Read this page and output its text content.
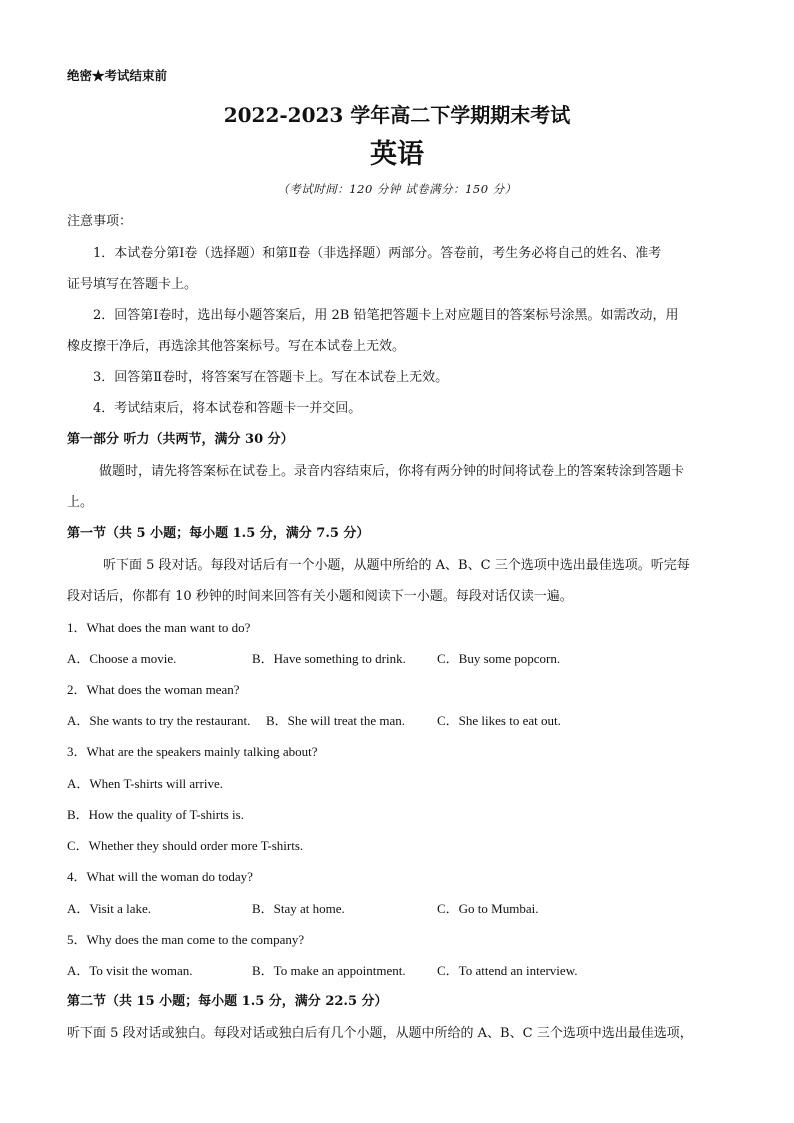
绝密★考试结束前
2022-2023 学年高二下学期期末考试
英语
（考试时间：120 分钟 试卷满分：150 分）
注意事项：
1．本试卷分第Ⅰ卷（选择题）和第Ⅱ卷（非选择题）两部分。答卷前，考生务必将自己的姓名、准考
证号填写在答题卡上。
2．回答第Ⅰ卷时，选出每小题答案后，用 2B 铅笔把答题卡上对应题目的答案标号涂黑。如需改动，用
橡皮擦干净后，再选涂其他答案标号。写在本试卷上无效。
3．回答第Ⅱ卷时，将答案写在答题卡上。写在本试卷上无效。
4．考试结束后，将本试卷和答题卡一并交回。
第一部分 听力（共两节，满分 30 分）
做题时，请先将答案标在试卷上。录音内容结束后，你将有两分钟的时间将试卷上的答案转涂到答题卡
上。
第一节（共 5 小题；每小题 1.5 分，满分 7.5 分）
听下面 5 段对话。每段对话后有一个小题，从题中所给的 A、B、C 三个选项中选出最佳选项。听完每
段对话后，你都有 10 秒钟的时间来回答有关小题和阅读下一小题。每段对话仅读一遍。
1．What does the man want to do?
A．Choose a movie.	B．Have something to drink. C．Buy some popcorn.
2．What does the woman mean?
A．She wants to try the restaurant. B．She will treat the man. C．She likes to eat out.
3．What are the speakers mainly talking about?
A．When T-shirts will arrive.
B．How the quality of T-shirts is.
C．Whether they should order more T-shirts.
4．What will the woman do today?
A．Visit a lake.	B．Stay at home.	C．Go to Mumbai.
5．Why does the man come to the company?
A．To visit the woman.	B．To make an appointment. C．To attend an interview.
第二节（共 15 小题；每小题 1.5 分，满分 22.5 分）
听下面 5 段对话或独白。每段对话或独白后有几个小题，从题中所给的 A、B、C 三个选项中选出最佳选项，
